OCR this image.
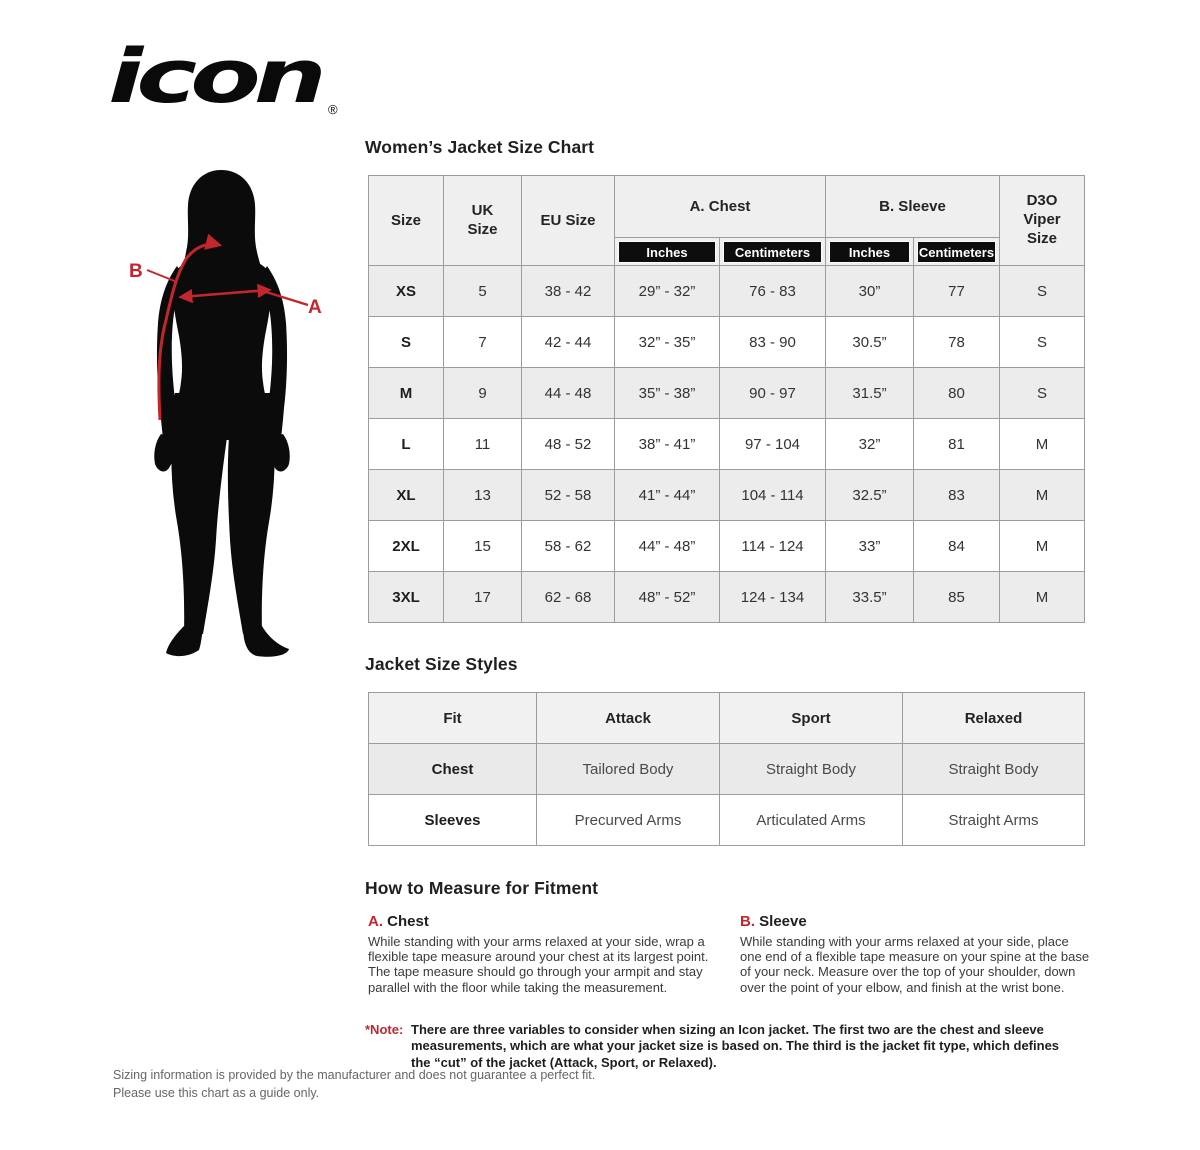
icon ®
B
A
Women’s Jacket Size Chart
Size	UK Size	EU Size	A. Chest		B. Sleeve		D3O Viper Size

			Inches	Centimeters	Inches	Centimeters	

XS	5	38 - 42	29” - 32”	76 - 83	30”	77	S
S	7	42 - 44	32” - 35”	83 - 90	30.5”	78	S
M	9	44 - 48	35” - 38”	90 - 97	31.5”	80	S
L	11	48 - 52	38” - 41”	97 - 104	32”	81	M
XL	13	52 - 58	41” - 44”	104 - 114	32.5”	83	M
2XL	15	58 - 62	44” - 48”	114 - 124	33”	84	M
3XL	17	62 - 68	48” - 52”	124 - 134	33.5”	85	M
Jacket Size Styles
Fit	Attack	Sport	Relaxed
Chest	Tailored Body	Straight Body	Straight Body
Sleeves	Precurved Arms	Articulated Arms	Straight Arms
How to Measure for Fitment
A. Chest
While standing with your arms relaxed at your side, wrap a flexible tape measure around your chest at its largest point. The tape measure should go through your armpit and stay parallel with the floor while taking the measurement.
B. Sleeve
While standing with your arms relaxed at your side, place one end of a flexible tape measure on your spine at the base of your neck. Measure over the top of your shoulder, down over the point of your elbow, and finish at the wrist bone.
*Note: There are three variables to consider when sizing an Icon jacket. The first two are the chest and sleeve measurements, which are what your jacket size is based on. The third is the jacket fit type, which defines the “cut” of the jacket (Attack, Sport, or Relaxed).
Sizing information is provided by the manufacturer and does not guarantee a perfect fit.
Please use this chart as a guide only.
